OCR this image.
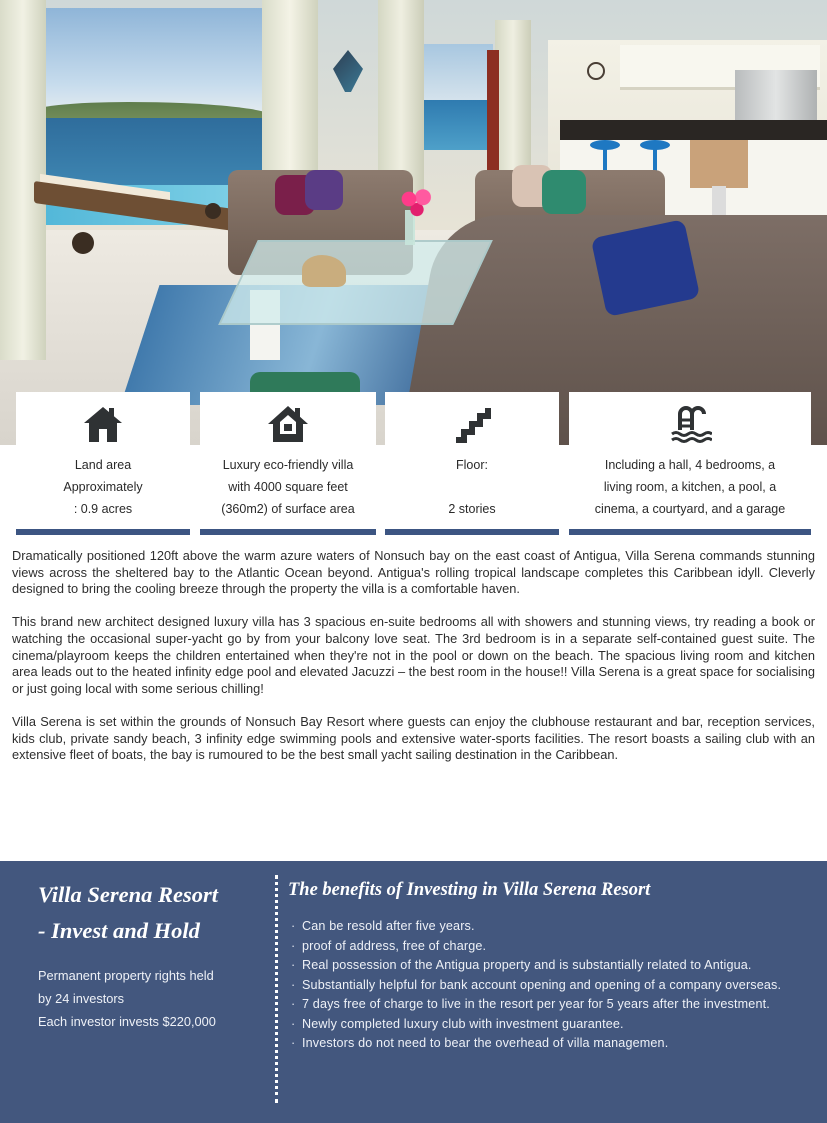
Land area
Approximately
: 0.9 acres
Luxury eco-friendly villa
with 4000 square feet
(360m2) of surface area
Floor:
2 stories
Including a hall, 4 bedrooms, a
living room, a kitchen, a pool, a
cinema, a courtyard, and a garage

Dramatically positioned 120ft above the warm azure waters of Nonsuch bay on the east coast of Antigua, Villa Serena commands stunning views across the sheltered bay to the Atlantic Ocean beyond. Antigua's rolling tropical landscape completes this Caribbean idyll. Cleverly designed to bring the cooling breeze through the property the villa is a comfortable haven.

This brand new architect designed luxury villa has 3 spacious en-suite bedrooms all with showers and stunning views, try reading a book or watching the occasional super-yacht go by from your balcony love seat. The 3rd bedroom is in a separate self-contained guest suite. The cinema/playroom keeps the children entertained when they're not in the pool or down on the beach. The spacious living room and kitchen area leads out to the heated infinity edge pool and elevated Jacuzzi – the best room in the house!! Villa Serena is a great space for socialising or just going local with some serious chilling!

Villa Serena is set within the grounds of Nonsuch Bay Resort where guests can enjoy the clubhouse restaurant and bar, reception services, kids club, private sandy beach, 3 infinity edge swimming pools and extensive water-sports facilities. The resort boasts a sailing club with an extensive fleet of boats, the bay is rumoured to be the best small yacht sailing destination in the Caribbean.

Villa Serena Resort
- Invest and Hold
Permanent property rights held
by 24 investors
Each investor invests $220,000
The benefits of Investing in Villa Serena Resort
· Can be resold after five years.
· proof of address, free of charge.
· Real possession of the Antigua property and is substantially related to Antigua.
· Substantially helpful for bank account opening and opening of a company overseas.
· 7 days free of charge to live in the resort per year for 5 years after the investment.
· Newly completed luxury club with investment guarantee.
· Investors do not need to bear the overhead of villa managemen.
